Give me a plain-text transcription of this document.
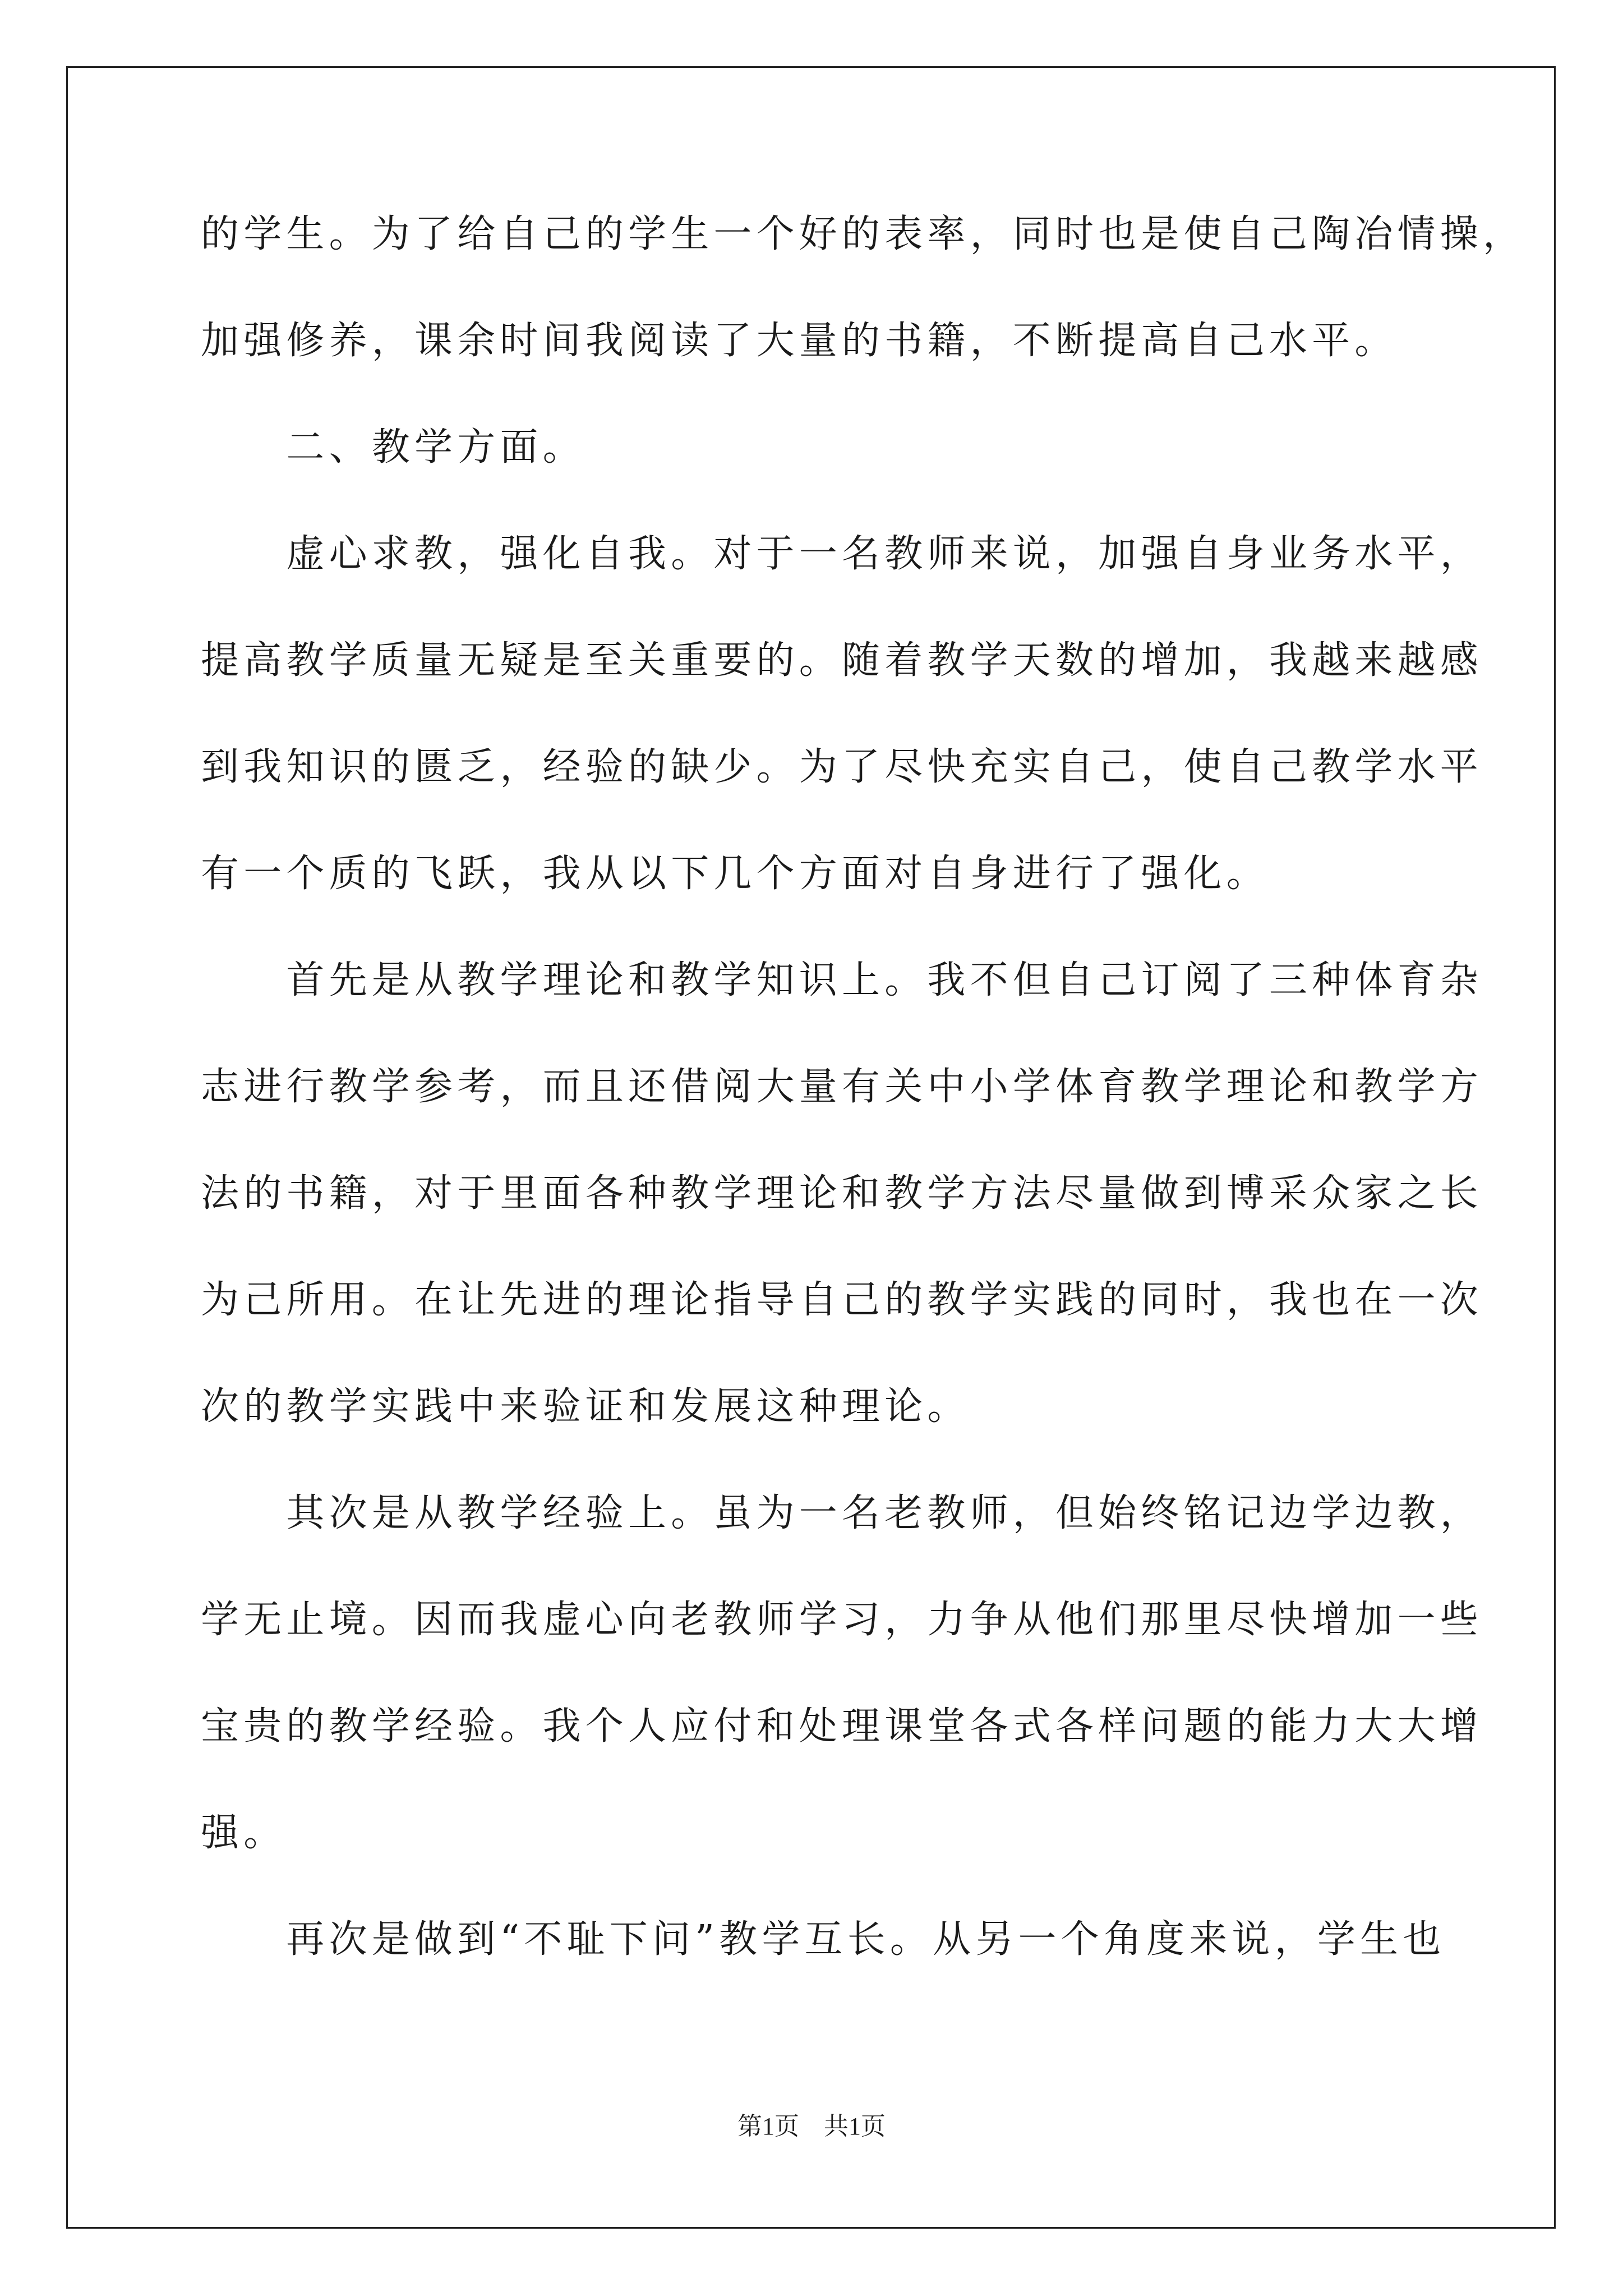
的学生。为了给自己的学生一个好的表率，同时也是使自己陶冶情操，
加强修养，课余时间我阅读了大量的书籍，不断提高自己水平。
　　二、教学方面。
　　虚心求教，强化自我。对于一名教师来说，加强自身业务水平，
提高教学质量无疑是至关重要的。随着教学天数的增加，我越来越感
到我知识的匮乏，经验的缺少。为了尽快充实自己，使自己教学水平
有一个质的飞跃，我从以下几个方面对自身进行了强化。
　　首先是从教学理论和教学知识上。我不但自己订阅了三种体育杂
志进行教学参考，而且还借阅大量有关中小学体育教学理论和教学方
法的书籍，对于里面各种教学理论和教学方法尽量做到博采众家之长
为己所用。在让先进的理论指导自己的教学实践的同时，我也在一次
次的教学实践中来验证和发展这种理论。
　　其次是从教学经验上。虽为一名老教师，但始终铭记边学边教，
学无止境。因而我虚心向老教师学习，力争从他们那里尽快增加一些
宝贵的教学经验。我个人应付和处理课堂各式各样问题的能力大大增
强。
　　再次是做到“不耻下问”教学互长。从另一个角度来说，学生也
第1页　共1页
